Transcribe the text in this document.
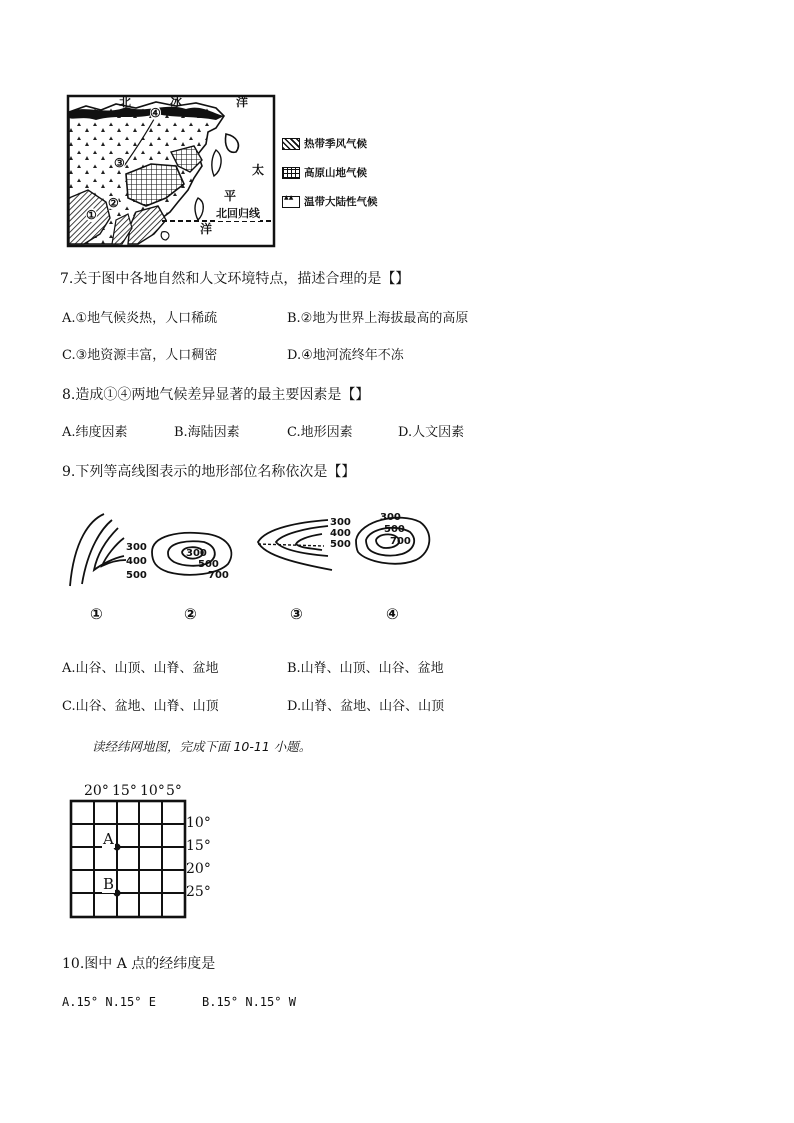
北	冰	洋
太
平
北回归线
洋
④
③
②
①
热带季风气候
高原山地气候
▲ ▲温带大陆性气候
7.关于图中各地自然和人文环境特点，描述合理的是【】
A.①地气候炎热，人口稀疏	B.②地为世界上海拔最高的高原
C.③地资源丰富，人口稠密	D.④地河流终年不冻
8.造成①④两地气候差异显著的最主要因素是【】
A.纬度因素	B.海陆因素	C.地形因素	D.人文因素
9.下列等高线图表示的地形部位名称依次是【】
300
400
500
300
500
700
300
400
500
300
500
700
①	②	③	④
A.山谷、山顶、山脊、盆地	B.山脊、山顶、山谷、盆地
C.山谷、盆地、山脊、山顶	D.山脊、盆地、山谷、山顶
读经纬网地图，完成下面 10-11 小题。
20° 15° 10° 5°
A
B
10°
15°
20°
25°
10.图中 A 点的经纬度是
A.15° N.15° E	B.15° N.15° W
